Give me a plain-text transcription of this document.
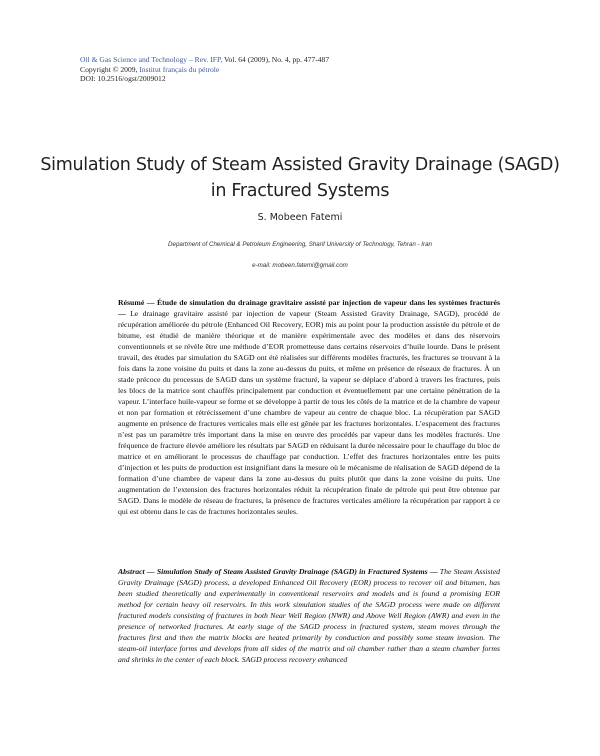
Oil & Gas Science and Technology – Rev. IFP, Vol. 64 (2009), No. 4, pp. 477-487
Copyright © 2009, Institut français du pétrole
DOI: 10.2516/ogst/2009012
Simulation Study of Steam Assisted Gravity Drainage (SAGD) in Fractured Systems
S. Mobeen Fatemi
Department of Chemical & Petroleum Engineering, Sharif University of Technology, Tehran - Iran
e-mail: mobeen.fatemi@gmail.com
Résumé — Étude de simulation du drainage gravitaire assisté par injection de vapeur dans les systèmes fracturés — Le drainage gravitaire assisté par injection de vapeur (Steam Assisted Gravity Drainage, SAGD), procédé de récupération améliorée du pétrole (Enhanced Oil Recovery, EOR) mis au point pour la production assistée du pétrole et de bitume, est étudié de manière théorique et de manière expérimentale avec des modèles et dans des réservoirs conventionnels et se révèle être une méthode d’EOR prometteuse dans certains réservoirs d’huile lourde. Dans le présent travail, des études par simulation du SAGD ont été réalisées sur différents modèles fracturés, les fractures se trouvant à la fois dans la zone voisine du puits et dans la zone au-dessus du puits, et même en présence de réseaux de fractures. À un stade précoce du processus de SAGD dans un système fracturé, la vapeur se déplace d’abord à travers les fractures, puis les blocs de la matrice sont chauffés principalement par conduction et éventuellement par une certaine pénétration de la vapeur. L’interface huile-vapeur se forme et se développe à partir de tous les côtés de la matrice et de la chambre de vapeur et non par formation et rétrécissement d’une chambre de vapeur au centre de chaque bloc. La récupération par SAGD augmente en présence de fractures verticales mais elle est gênée par les fractures horizontales. L’espacement des fractures n’est pas un paramètre très important dans la mise en œuvre des procédés par vapeur dans les modèles fracturés. Une fréquence de fracture élevée améliore les résultats par SAGD en réduisant la durée nécessaire pour le chauffage du bloc de matrice et en améliorant le processus de chauffage par conduction. L’effet des fractures horizontales entre les puits d’injection et les puits de production est insignifiant dans la mesure où le mécanisme de réalisation de SAGD dépend de la formation d’une chambre de vapeur dans la zone au-dessus du puits plutôt que dans la zone voisine du puits. Une augmentation de l’extension des fractures horizontales réduit la récupération finale de pétrole qui peut être obtenue par SAGD. Dans le modèle de réseau de fractures, la présence de fractures verticales améliore la récupération par rapport à ce qui est obtenu dans le cas de fractures horizontales seules.
Abstract — Simulation Study of Steam Assisted Gravity Drainage (SAGD) in Fractured Systems — The Steam Assisted Gravity Drainage (SAGD) process, a developed Enhanced Oil Recovery (EOR) process to recover oil and bitumen, has been studied theoretically and experimentally in conventional reservoirs and models and is found a promising EOR method for certain heavy oil reservoirs. In this work simulation studies of the SAGD process were made on different fractured models consisting of fractures in both Near Well Region (NWR) and Above Well Region (AWR) and even in the presence of networked fractures. At early stage of the SAGD process in fractured system, steam moves through the fractures first and then the matrix blocks are heated primarily by conduction and possibly some steam invasion. The steam-oil interface forms and develops from all sides of the matrix and oil chamber rather than a steam chamber forms and shrinks in the center of each block. SAGD process recovery enhanced
